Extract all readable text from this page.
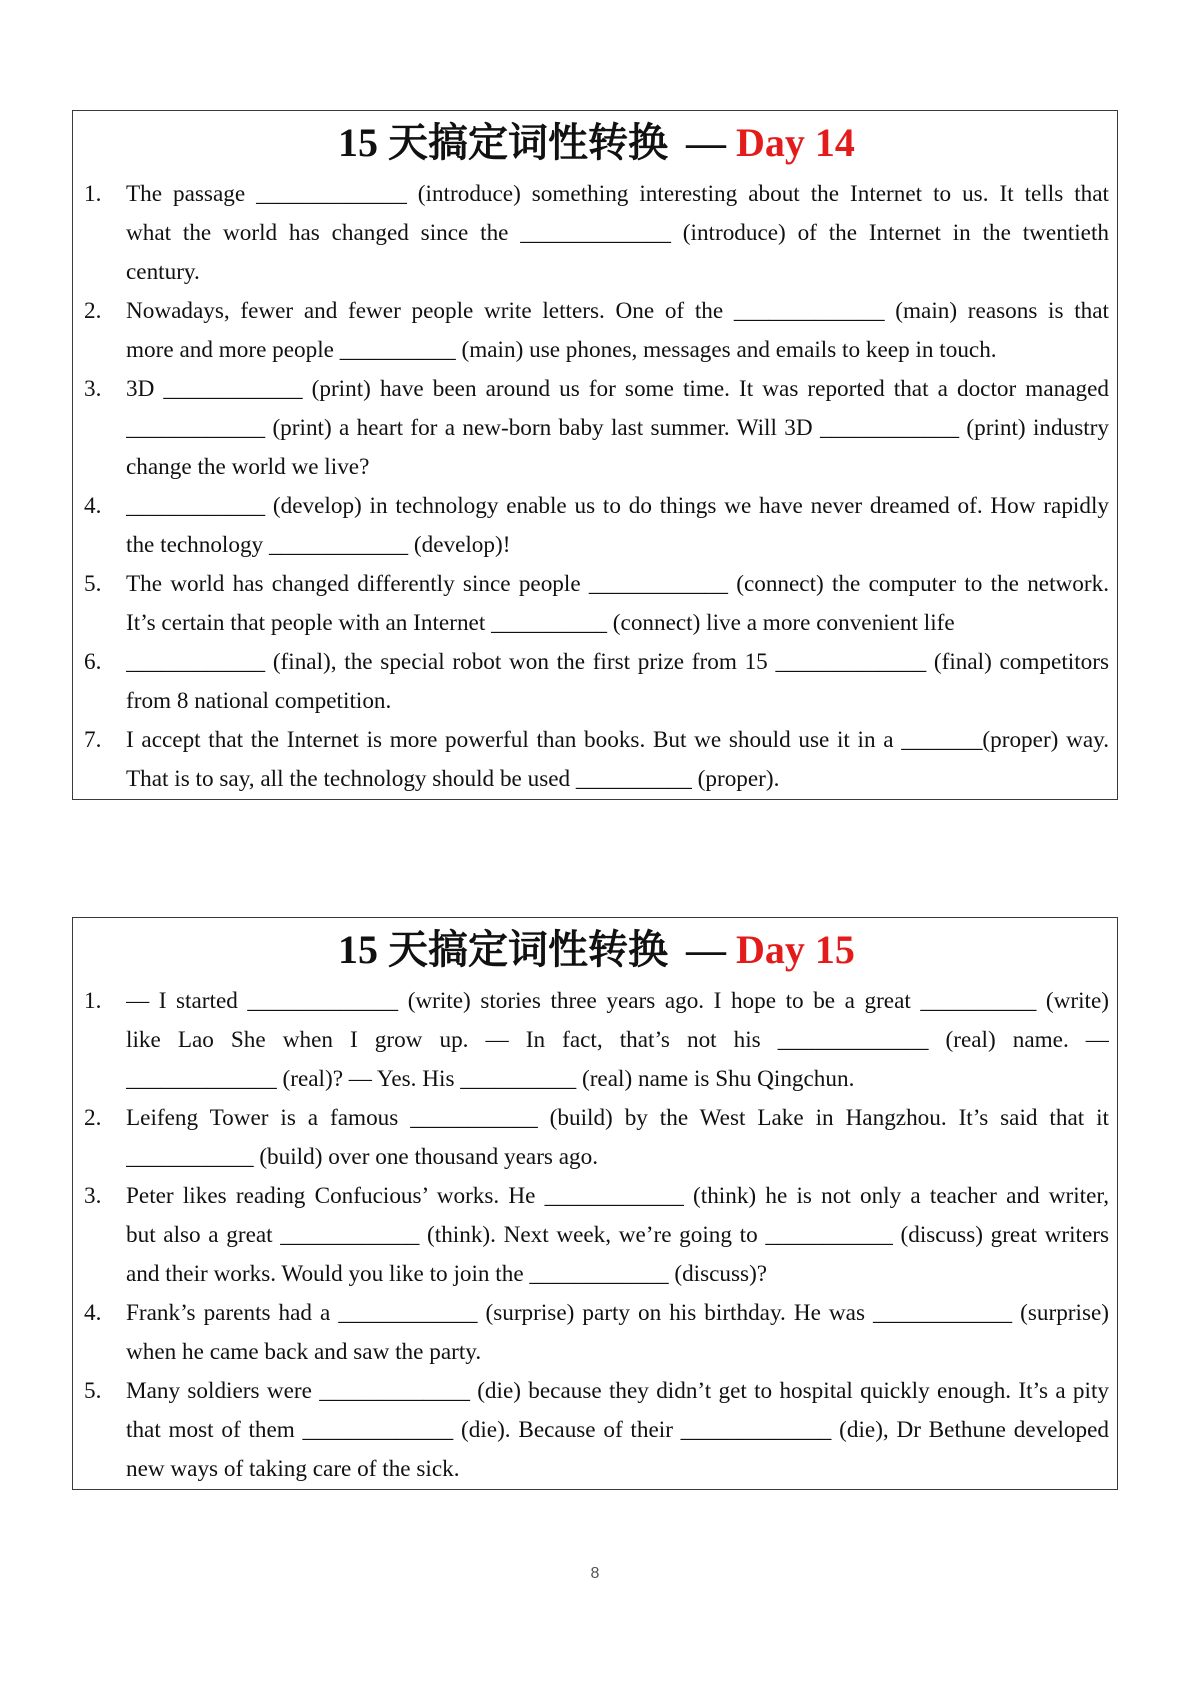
15 天搞定词性转换 — Day 14
1.	The passage _____________ (introduce) something interesting about the Internet to us. It tells that
what the world has changed since the _____________ (introduce) of the Internet in the twentieth
century.
2.	Nowadays, fewer and fewer people write letters. One of the _____________ (main) reasons is that
more and more people __________ (main) use phones, messages and emails to keep in touch.
3.	3D ____________ (print) have been around us for some time. It was reported that a doctor managed
____________ (print) a heart for a new-born baby last summer. Will 3D ____________ (print) industry
change the world we live?
4.	____________ (develop) in technology enable us to do things we have never dreamed of. How rapidly
the technology ____________ (develop)!
5.	The world has changed differently since people ____________ (connect) the computer to the network.
It’s certain that people with an Internet __________ (connect) live a more convenient life
6.	____________ (final), the special robot won the first prize from 15 _____________ (final) competitors
from 8 national competition.
7.	I accept that the Internet is more powerful than books. But we should use it in a _______(proper) way.
That is to say, all the technology should be used __________ (proper).
15 天搞定词性转换 — Day 15
1.	— I started _____________ (write) stories three years ago. I hope to be a great __________ (write)
like Lao She when I grow up. — In fact, that’s not his _____________ (real) name. —
_____________ (real)? — Yes. His __________ (real) name is Shu Qingchun.
2.	Leifeng Tower is a famous ___________ (build) by the West Lake in Hangzhou. It’s said that it
___________ (build) over one thousand years ago.
3.	Peter likes reading Confucious’ works. He ____________ (think) he is not only a teacher and writer,
but also a great ____________ (think). Next week, we’re going to ___________ (discuss) great writers
and their works. Would you like to join the ____________ (discuss)?
4.	Frank’s parents had a ____________ (surprise) party on his birthday. He was ____________ (surprise)
when he came back and saw the party.
5.	Many soldiers were _____________ (die) because they didn’t get to hospital quickly enough. It’s a pity
that most of them _____________ (die). Because of their _____________ (die), Dr Bethune developed
new ways of taking care of the sick.
8
